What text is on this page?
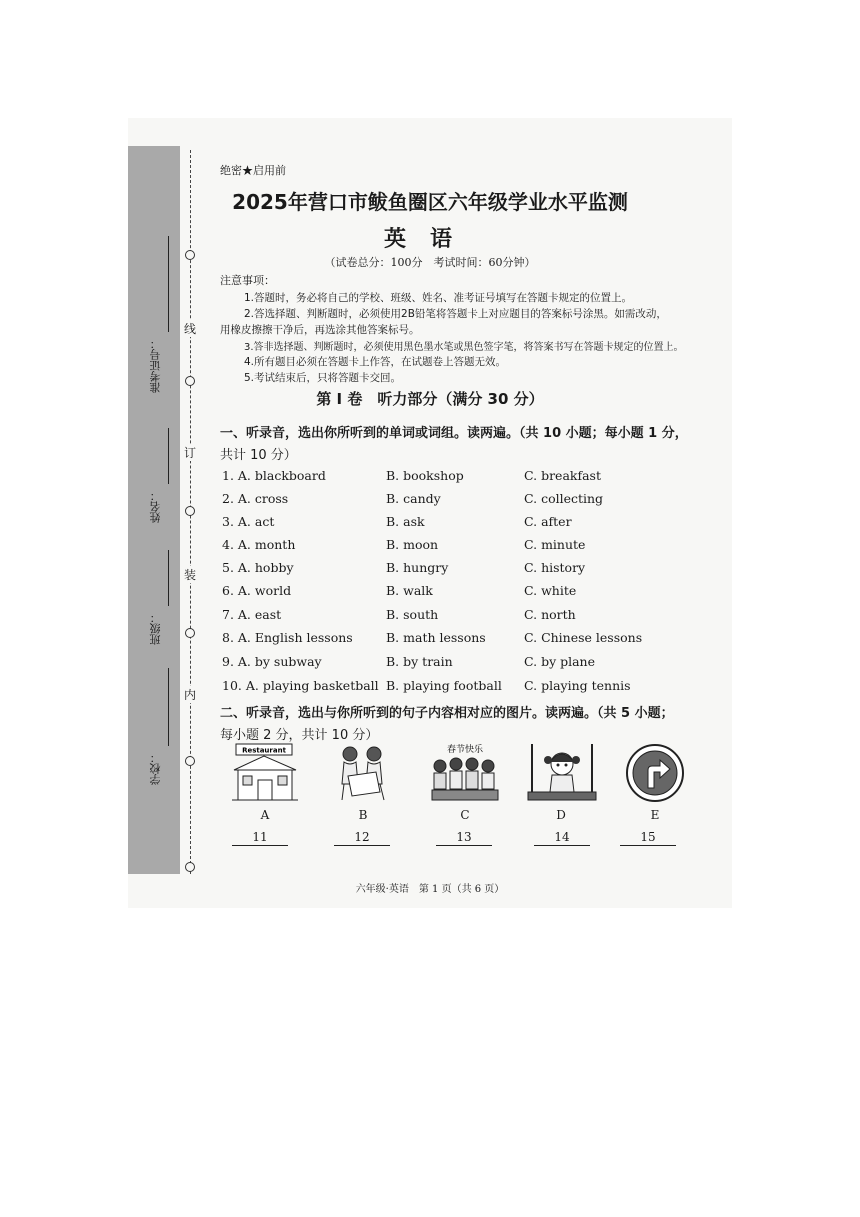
准考证号：
姓名：
班级：
学校：
线
订
装
内
绝密★启用前
2025年营口市鲅鱼圈区六年级学业水平监测
英语
（试卷总分：100分　考试时间：60分钟）
注意事项：
1.答题时，务必将自己的学校、班级、姓名、准考证号填写在答题卡规定的位置上。
2.答选择题、判断题时，必须使用2B铅笔将答题卡上对应题目的答案标号涂黑。如需改动，
用橡皮擦擦干净后，再选涂其他答案标号。
3.答非选择题、判断题时，必须使用黑色墨水笔或黑色签字笔，将答案书写在答题卡规定的位置上。
4.所有题目必须在答题卡上作答，在试题卷上答题无效。
5.考试结束后，只将答题卡交回。
第 I 卷　听力部分（满分 30 分）
一、听录音，选出你所听到的单词或词组。读两遍。（共 10 小题；每小题 1 分，
共计 10 分）
1. A. blackboard	B. bookshop	C. breakfast
2. A. cross	B. candy	C. collecting
3. A. act	B. ask	C. after
4. A. month	B. moon	C. minute
5. A. hobby	B. hungry	C. history
6. A. world	B. walk	C. white
7. A. east	B. south	C. north
8. A. English lessons	B. math lessons	C. Chinese lessons
9. A. by subway	B. by train	C. by plane
10. A. playing basketball B. playing football C. playing tennis
二、听录音，选出与你所听到的句子内容相对应的图片。读两遍。（共 5 小题；
每小题 2 分，共计 10 分）
Restaurant	春节快乐
A	B	C	D	E
11	12	13	14	15
六年级·英语　第 1 页（共 6 页）
